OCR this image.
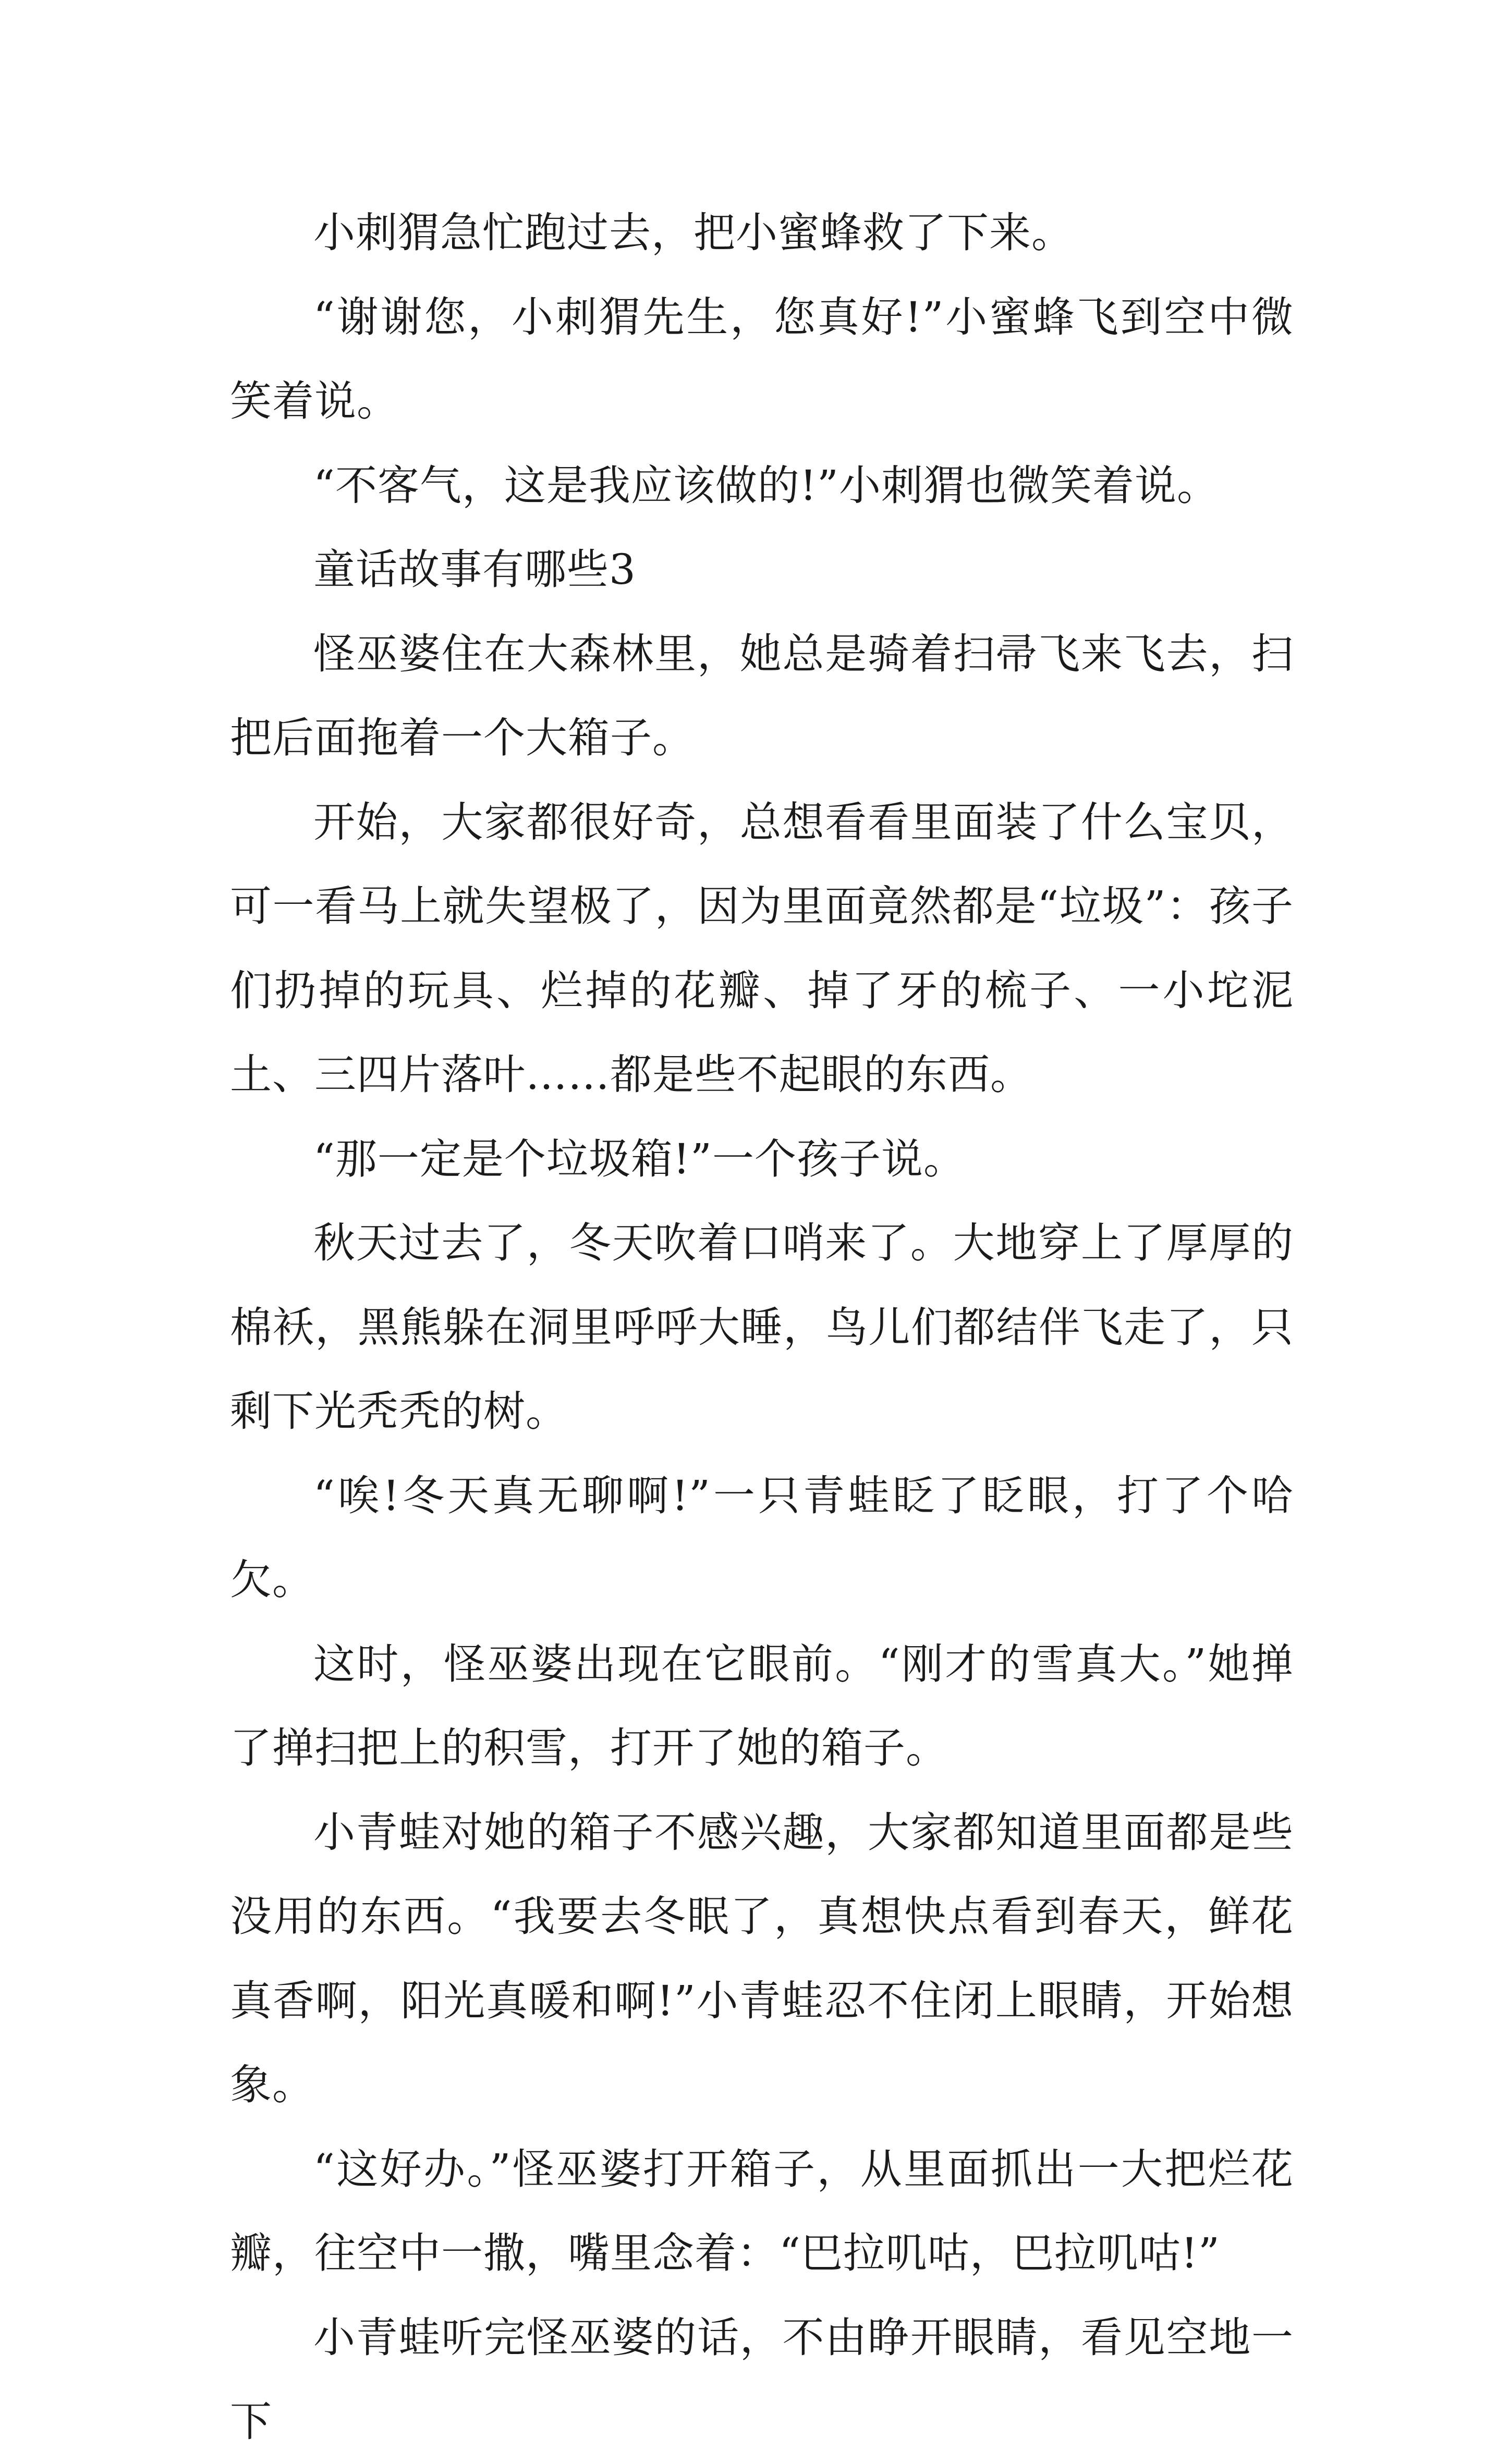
小刺猬急忙跑过去，把小蜜蜂救了下来。

“谢谢您，小刺猬先生，您真好!”小蜜蜂飞到空中微笑着说。

“不客气，这是我应该做的!”小刺猬也微笑着说。

童话故事有哪些3

怪巫婆住在大森林里，她总是骑着扫帚飞来飞去，扫把后面拖着一个大箱子。

开始，大家都很好奇，总想看看里面装了什么宝贝，可一看马上就失望极了，因为里面竟然都是“垃圾”：孩子们扔掉的玩具、烂掉的花瓣、掉了牙的梳子、一小坨泥土、三四片落叶……都是些不起眼的东西。

“那一定是个垃圾箱!”一个孩子说。

秋天过去了，冬天吹着口哨来了。大地穿上了厚厚的棉袄，黑熊躲在洞里呼呼大睡，鸟儿们都结伴飞走了，只剩下光秃秃的树。

“唉!冬天真无聊啊!”一只青蛙眨了眨眼，打了个哈欠。

这时，怪巫婆出现在它眼前。“刚才的雪真大。”她掸了掸扫把上的积雪，打开了她的箱子。

小青蛙对她的箱子不感兴趣，大家都知道里面都是些没用的东西。“我要去冬眠了，真想快点看到春天，鲜花真香啊，阳光真暖和啊!”小青蛙忍不住闭上眼睛，开始想象。

“这好办。”怪巫婆打开箱子，从里面抓出一大把烂花瓣，往空中一撒，嘴里念着：“巴拉叽咕，巴拉叽咕!”

小青蛙听完怪巫婆的话，不由睁开眼睛，看见空地一下
